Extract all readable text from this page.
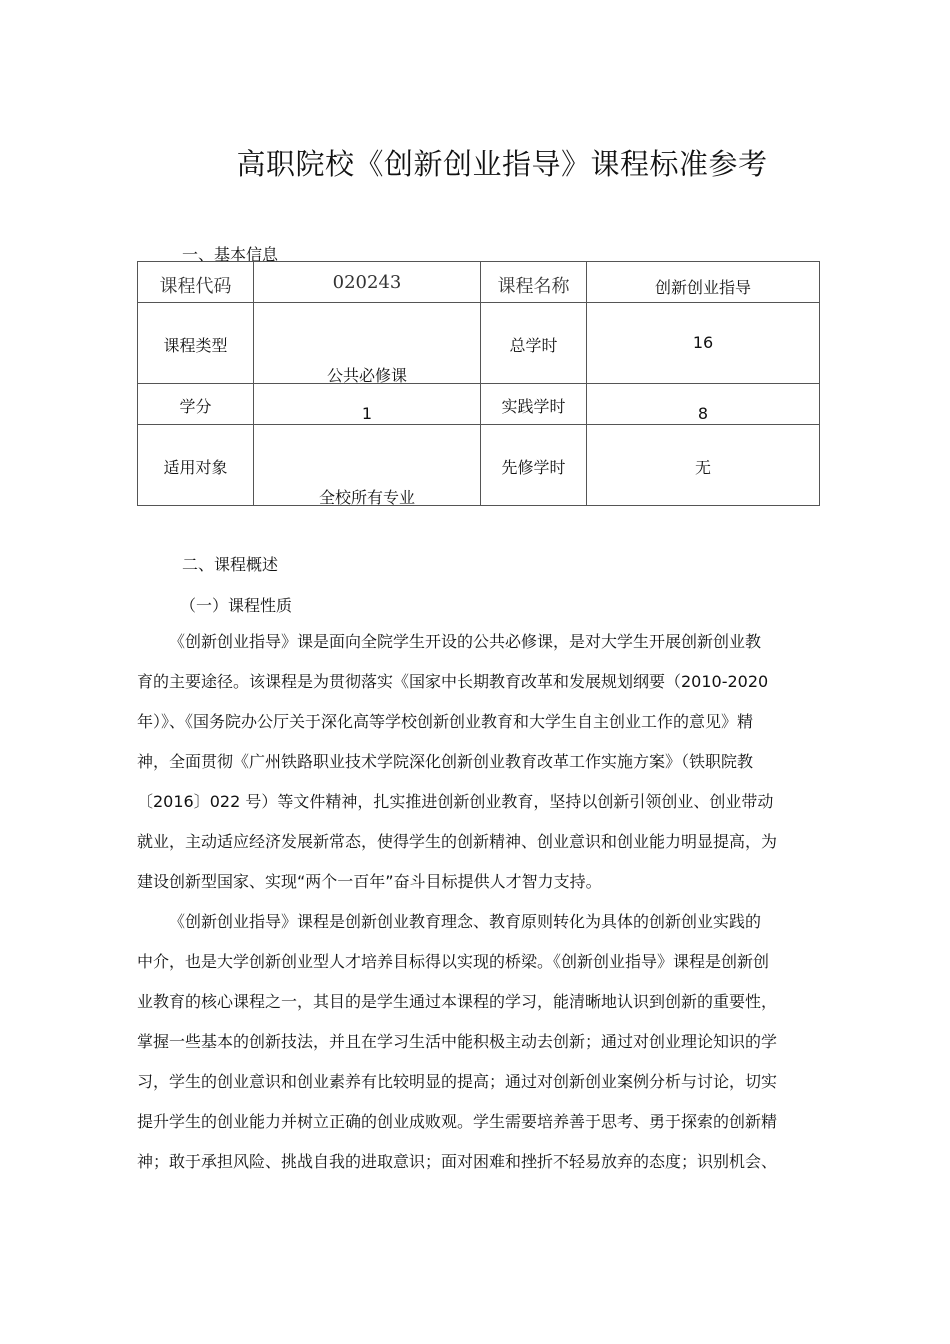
高职院校《创新创业指导》课程标准参考

一、基本信息

课程代码	020243	课程名称	创新创业指导

课程类型	公共必修课	总学时	16

学分	1	实践学时	8

适用对象	全校所有专业	先修学时	无

二、课程概述

（一）课程性质

《创新创业指导》课是面向全院学生开设的公共必修课，是对大学生开展创新创业教
育的主要途径。该课程是为贯彻落实《国家中长期教育改革和发展规划纲要（2010-2020
年）》、《国务院办公厅关于深化高等学校创新创业教育和大学生自主创业工作的意见》精
神，全面贯彻《广州铁路职业技术学院深化创新创业教育改革工作实施方案》（铁职院教
〔2016〕022 号）等文件精神，扎实推进创新创业教育，坚持以创新引领创业、创业带动
就业，主动适应经济发展新常态，使得学生的创新精神、创业意识和创业能力明显提高，为
建设创新型国家、实现“两个一百年”奋斗目标提供人才智力支持。
《创新创业指导》课程是创新创业教育理念、教育原则转化为具体的创新创业实践的
中介，也是大学创新创业型人才培养目标得以实现的桥梁。《创新创业指导》课程是创新创
业教育的核心课程之一，其目的是学生通过本课程的学习，能清晰地认识到创新的重要性，
掌握一些基本的创新技法，并且在学习生活中能积极主动去创新；通过对创业理论知识的学
习，学生的创业意识和创业素养有比较明显的提高；通过对创新创业案例分析与讨论，切实
提升学生的创业能力并树立正确的创业成败观。学生需要培养善于思考、勇于探索的创新精
神；敢于承担风险、挑战自我的进取意识；面对困难和挫折不轻易放弃的态度；识别机会、
